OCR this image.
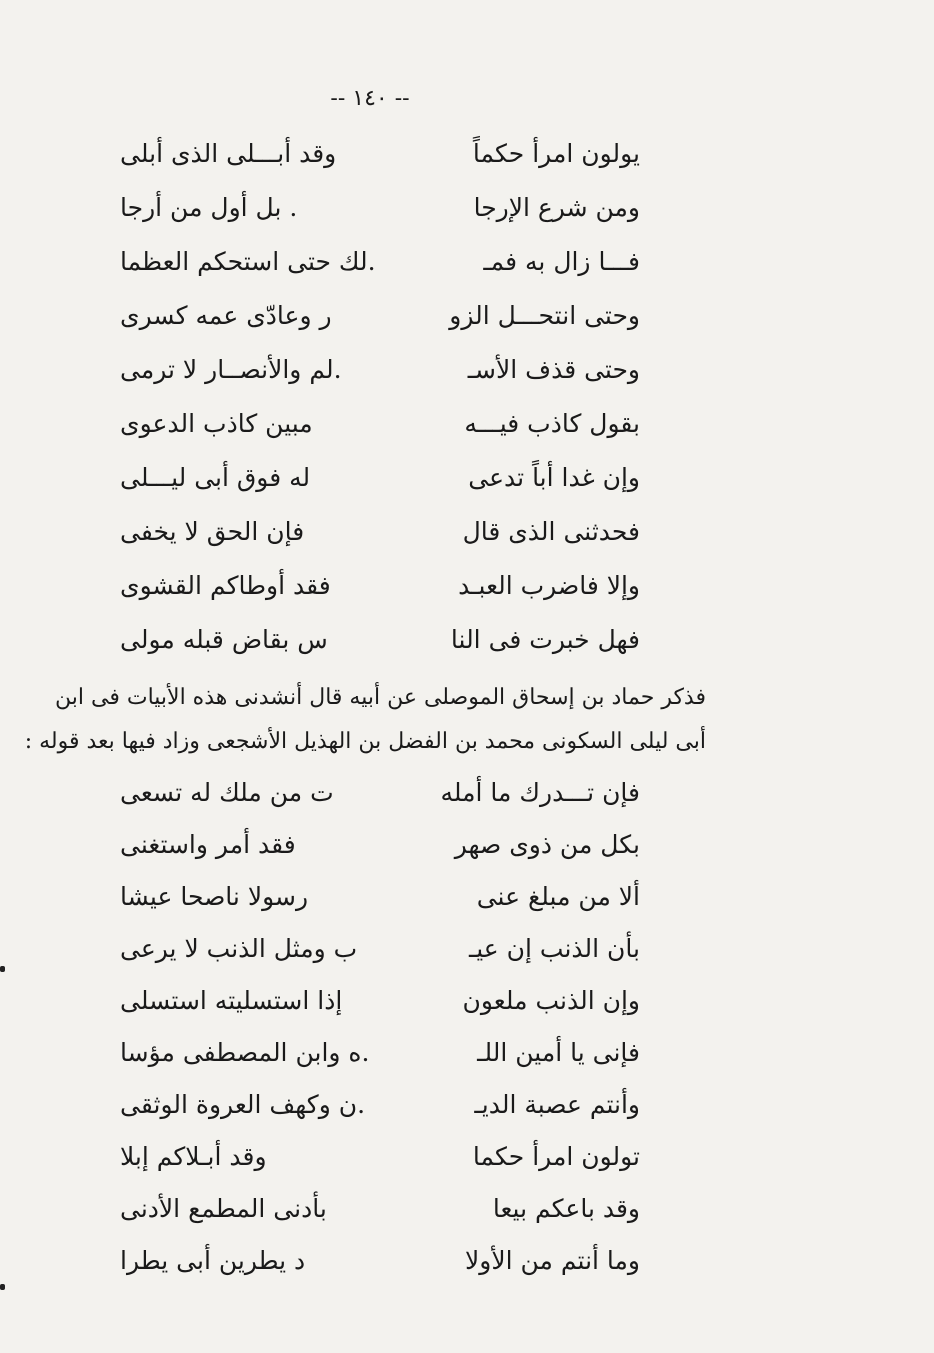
-- ١٤٠ --
يولون امرأ حكماً
وقد أبـــلى الذى أبلى
ومن شرع الإرجا
. بل أول من أرجا
فـــا زال به فمـ
.لك حتى استحكم العظما
وحتى انتحـــل الزو
ر وعادّى عمه كسرى
وحتى قذف الأسـ
.لم والأنصــار لا ترمى
بقول كاذب فيـــه
مبين كاذب الدعوى
وإن غدا أباً تدعى
له فوق أبى ليـــلى
فحدثنى الذى قال
فإن الحق لا يخفى
وإلا فاضرب العبـد
فقد أوطاكم القشوى
فهل خبرت فى النا
س بقاض قبله مولى
فذكر حماد بن إسحاق الموصلى عن أبيه قال أنشدنى هذه الأبيات فى ابن
أبى ليلى السكونى محمد بن الفضل بن الهذيل الأشجعى وزاد فيها بعد قوله :
فإن تـــدرك ما أمله
ت من ملك له تسعى
بكل من ذوى صهر
فقد أمر واستغنى
ألا من مبلغ عنى
رسولا ناصحا عيشا
بأن الذنب إن عيـ
ب ومثل الذنب لا يرعى
وإن الذنب ملعون
إذا استسليته استسلى
فإنى يا أمين اللـ
.ه وابن المصطفى مؤسا
وأنتم عصبة الديـ
.ن وكهف العروة الوثقى
تولون امرأ حكما
وقد أبـلاكم إبلا
وقد باعكم بيعا
بأدنى المطمع الأدنى
وما أنتم من الأولا
د يطرين أبى يطرا
